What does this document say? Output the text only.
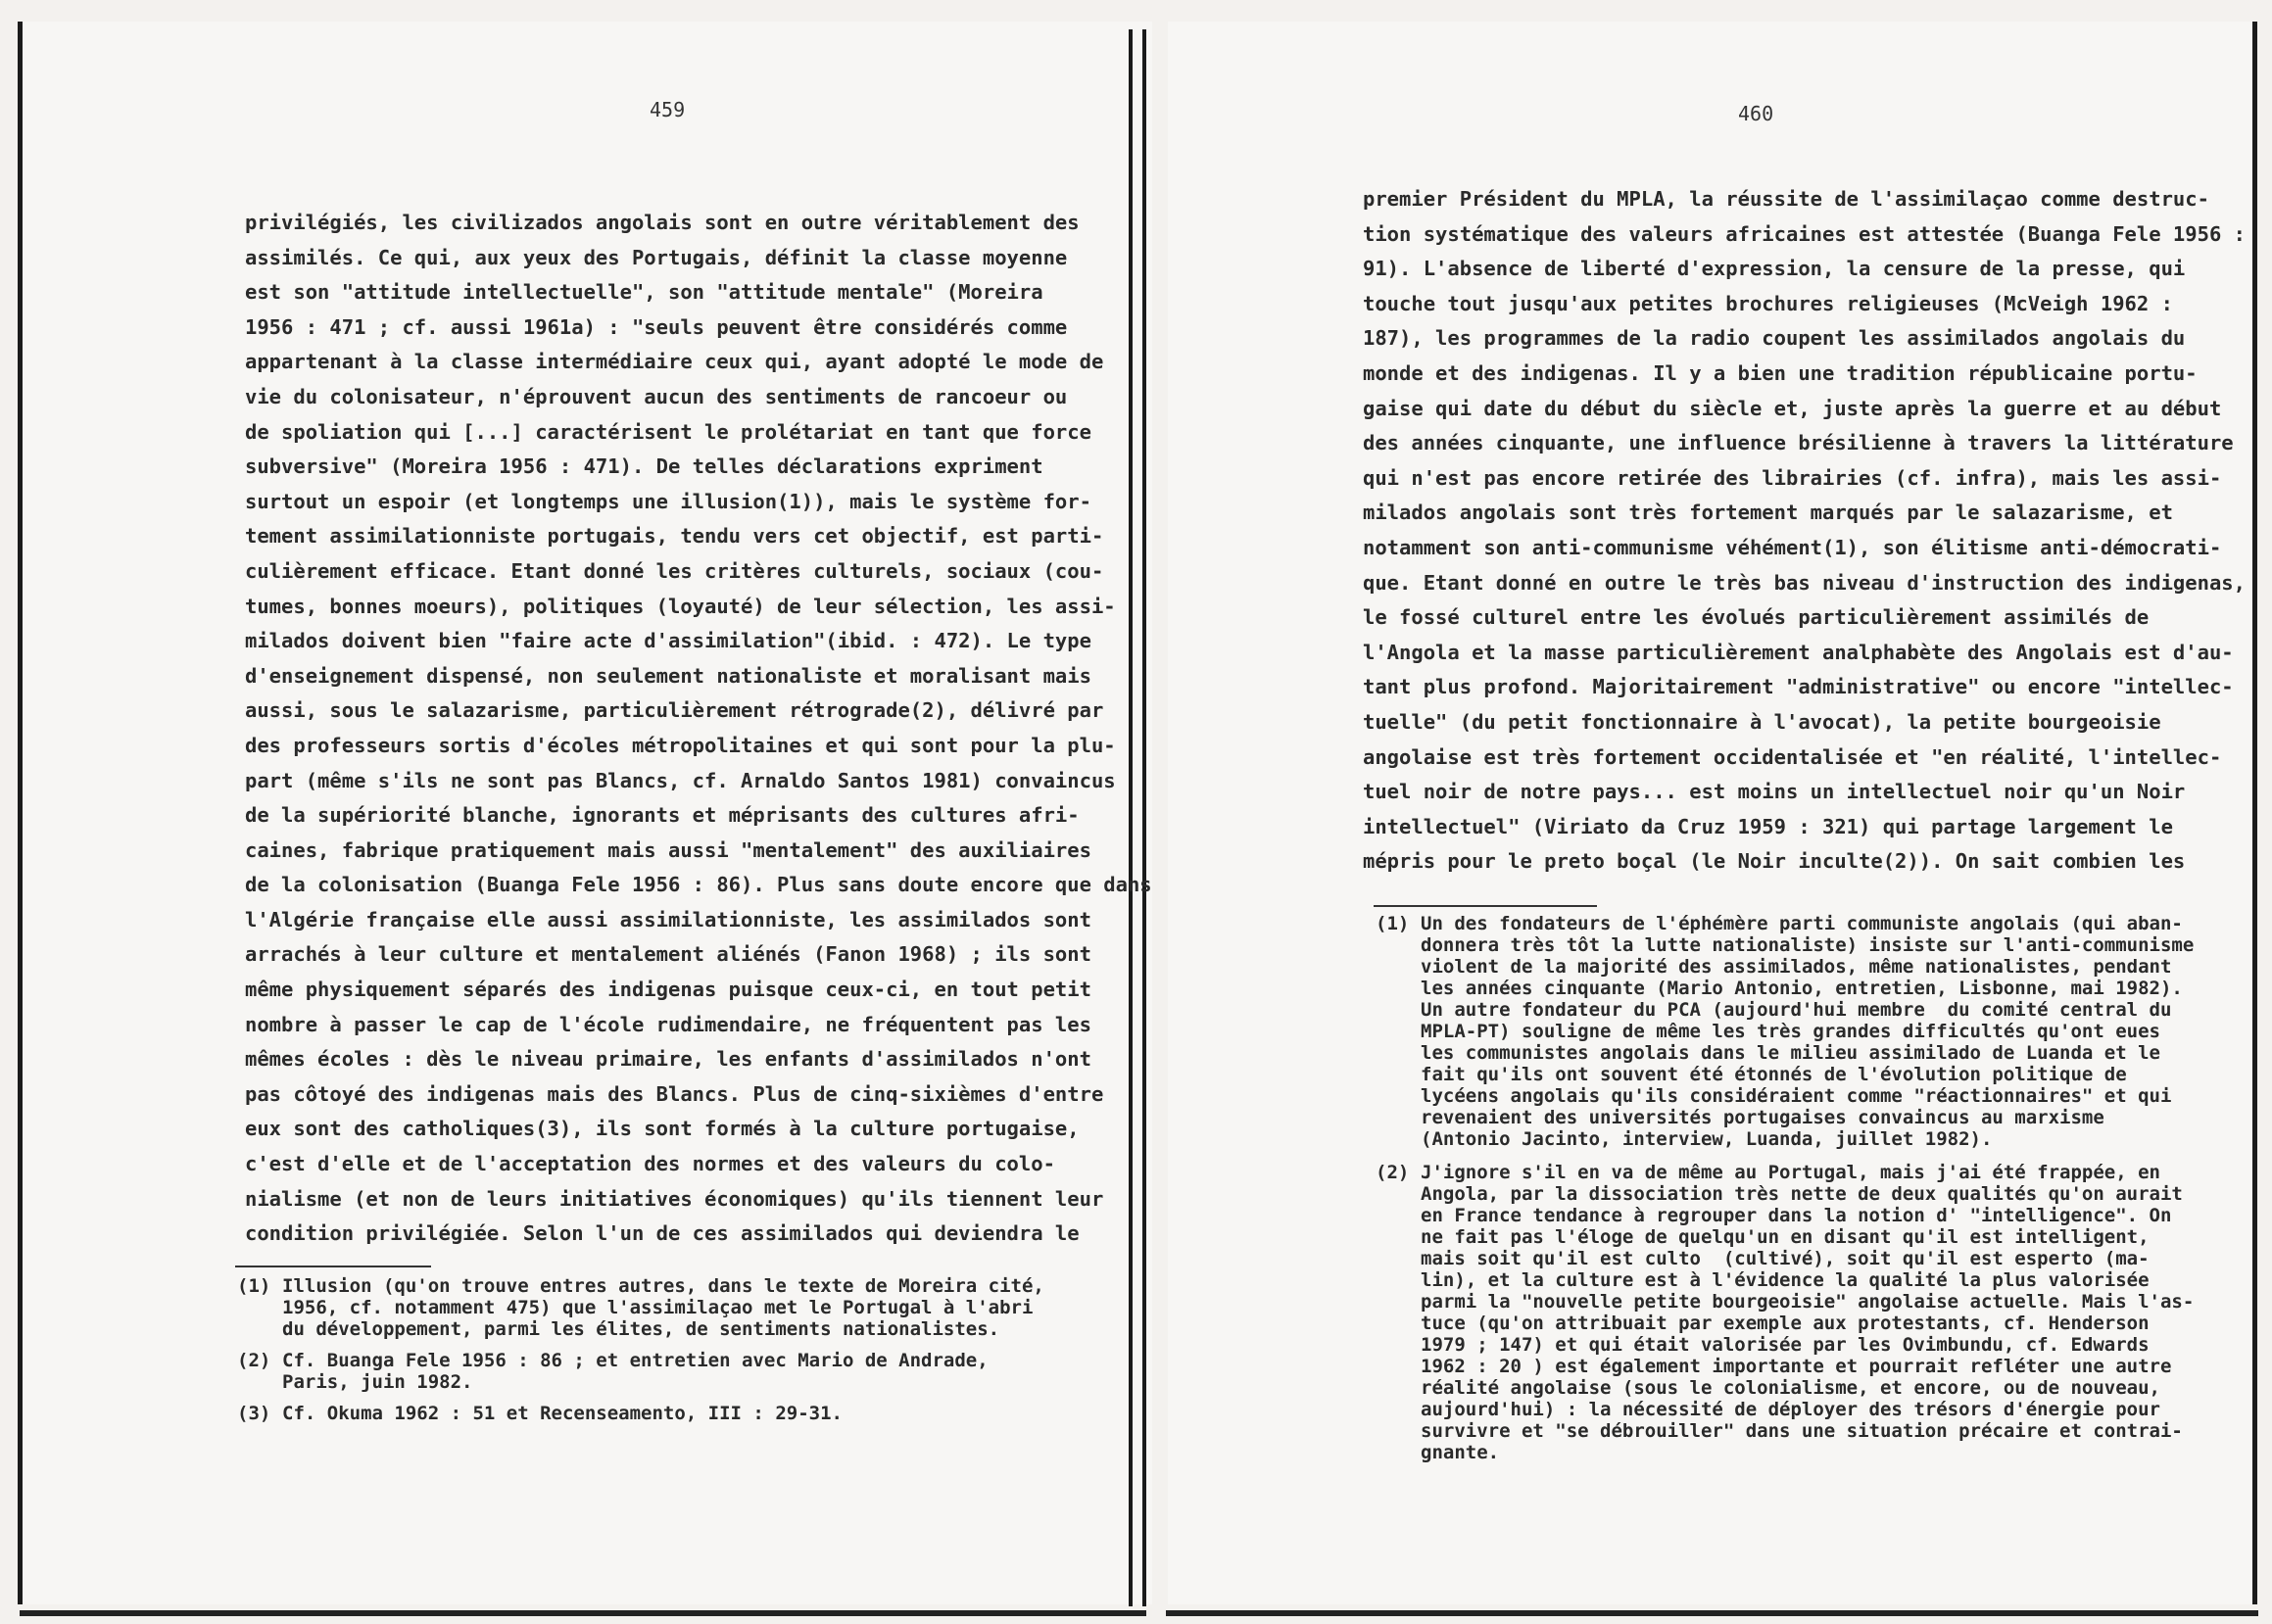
459
privilégiés, les civilizados angolais sont en outre véritablement des
assimilés. Ce qui, aux yeux des Portugais, définit la classe moyenne
est son "attitude intellectuelle", son "attitude mentale" (Moreira
1956 : 471 ; cf. aussi 1961a) : "seuls peuvent être considérés comme
appartenant à la classe intermédiaire ceux qui, ayant adopté le mode de
vie du colonisateur, n'éprouvent aucun des sentiments de rancoeur ou
de spoliation qui [...] caractérisent le prolétariat en tant que force
subversive" (Moreira 1956 : 471). De telles déclarations expriment
surtout un espoir (et longtemps une illusion(1)), mais le système for-
tement assimilationniste portugais, tendu vers cet objectif, est parti-
culièrement efficace. Etant donné les critères culturels, sociaux (cou-
tumes, bonnes moeurs), politiques (loyauté) de leur sélection, les assi-
milados doivent bien "faire acte d'assimilation"(ibid. : 472). Le type
d'enseignement dispensé, non seulement nationaliste et moralisant mais
aussi, sous le salazarisme, particulièrement rétrograde(2), délivré par
des professeurs sortis d'écoles métropolitaines et qui sont pour la plu-
part (même s'ils ne sont pas Blancs, cf. Arnaldo Santos 1981) convaincus
de la supériorité blanche, ignorants et méprisants des cultures afri-
caines, fabrique pratiquement mais aussi "mentalement" des auxiliaires
de la colonisation (Buanga Fele 1956 : 86). Plus sans doute encore que dans
l'Algérie française elle aussi assimilationniste, les assimilados sont
arrachés à leur culture et mentalement aliénés (Fanon 1968) ; ils sont
même physiquement séparés des indigenas puisque ceux-ci, en tout petit
nombre à passer le cap de l'école rudimendaire, ne fréquentent pas les
mêmes écoles : dès le niveau primaire, les enfants d'assimilados n'ont
pas côtoyé des indigenas mais des Blancs. Plus de cinq-sixièmes d'entre
eux sont des catholiques(3), ils sont formés à la culture portugaise,
c'est d'elle et de l'acceptation des normes et des valeurs du colo-
nialisme (et non de leurs initiatives économiques) qu'ils tiennent leur
condition privilégiée. Selon l'un de ces assimilados qui deviendra le
(1) Illusion (qu'on trouve entres autres, dans le texte de Moreira cité,
1956, cf. notamment 475) que l'assimilaçao met le Portugal à l'abri
du développement, parmi les élites, de sentiments nationalistes.
(2) Cf. Buanga Fele 1956 : 86 ; et entretien avec Mario de Andrade,
Paris, juin 1982.
(3) Cf. Okuma 1962 : 51 et Recenseamento, III : 29-31.
460
premier Président du MPLA, la réussite de l'assimilaçao comme destruc-
tion systématique des valeurs africaines est attestée (Buanga Fele 1956 :
91). L'absence de liberté d'expression, la censure de la presse, qui
touche tout jusqu'aux petites brochures religieuses (McVeigh 1962 :
187), les programmes de la radio coupent les assimilados angolais du
monde et des indigenas. Il y a bien une tradition républicaine portu-
gaise qui date du début du siècle et, juste après la guerre et au début
des années cinquante, une influence brésilienne à travers la littérature
qui n'est pas encore retirée des librairies (cf. infra), mais les assi-
milados angolais sont très fortement marqués par le salazarisme, et
notamment son anti-communisme véhément(1), son élitisme anti-démocrati-
que. Etant donné en outre le très bas niveau d'instruction des indigenas,
le fossé culturel entre les évolués particulièrement assimilés de
l'Angola et la masse particulièrement analphabète des Angolais est d'au-
tant plus profond. Majoritairement "administrative" ou encore "intellec-
tuelle" (du petit fonctionnaire à l'avocat), la petite bourgeoisie
angolaise est très fortement occidentalisée et "en réalité, l'intellec-
tuel noir de notre pays... est moins un intellectuel noir qu'un Noir
intellectuel" (Viriato da Cruz 1959 : 321) qui partage largement le
mépris pour le preto boçal (le Noir inculte(2)). On sait combien les
(1) Un des fondateurs de l'éphémère parti communiste angolais (qui aban-
donnera très tôt la lutte nationaliste) insiste sur l'anti-communisme
violent de la majorité des assimilados, même nationalistes, pendant
les années cinquante (Mario Antonio, entretien, Lisbonne, mai 1982).
Un autre fondateur du PCA (aujourd'hui membre  du comité central du
MPLA-PT) souligne de même les très grandes difficultés qu'ont eues
les communistes angolais dans le milieu assimilado de Luanda et le
fait qu'ils ont souvent été étonnés de l'évolution politique de
lycéens angolais qu'ils considéraient comme "réactionnaires" et qui
revenaient des universités portugaises convaincus au marxisme
(Antonio Jacinto, interview, Luanda, juillet 1982).
(2) J'ignore s'il en va de même au Portugal, mais j'ai été frappée, en
Angola, par la dissociation très nette de deux qualités qu'on aurait
en France tendance à regrouper dans la notion d' "intelligence". On
ne fait pas l'éloge de quelqu'un en disant qu'il est intelligent,
mais soit qu'il est culto  (cultivé), soit qu'il est esperto (ma-
lin), et la culture est à l'évidence la qualité la plus valorisée
parmi la "nouvelle petite bourgeoisie" angolaise actuelle. Mais l'as-
tuce (qu'on attribuait par exemple aux protestants, cf. Henderson
1979 ; 147) et qui était valorisée par les Ovimbundu, cf. Edwards
1962 : 20 ) est également importante et pourrait refléter une autre
réalité angolaise (sous le colonialisme, et encore, ou de nouveau,
aujourd'hui) : la nécessité de déployer des trésors d'énergie pour
survivre et "se débrouiller" dans une situation précaire et contrai-
gnante.
